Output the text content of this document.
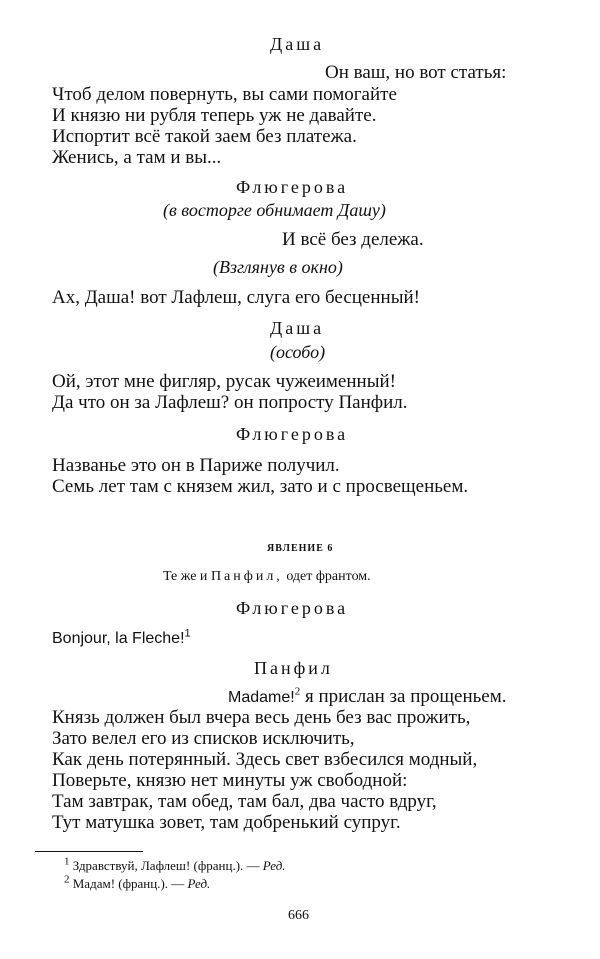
Даша
Он ваш, но вот статья:
Чтоб делом повернуть, вы сами помогайте
И князю ни рубля теперь уж не давайте.
Испортит всё такой заем без платежа.
Женись, а там и вы...
Флюгерова
(в восторге обнимает Дашу)
И всё без дележа.
(Взглянув в окно)
Ах, Даша! вот Лафлеш, слуга его бесценный!
Даша
(особо)
Ой, этот мне фигляр, русак чужеименный!
Да что он за Лафлеш? он попросту Панфил.
Флюгерова
Названье это он в Париже получил.
Семь лет там с князем жил, зато и с просвещеньем.
ЯВЛЕНИЕ 6
Те же и Панфил, одет франтом.
Флюгерова
Bonjour, la Fleche!$^1$
Панфил
Madame!$^2$ я прислан за прощеньем.
Князь должен был вчера весь день без вас прожить,
Зато велел его из списков исключить,
Как день потерянный. Здесь свет взбесился модный,
Поверьте, князю нет минуты уж свободной:
Там завтрак, там обед, там бал, два часто вдруг,
Тут матушка зовет, там добренький супруг.
$^1$ Здравствуй, Лафлеш! (франц.). — Ред.
$^2$ Мадам! (франц.). — Ред.
666
